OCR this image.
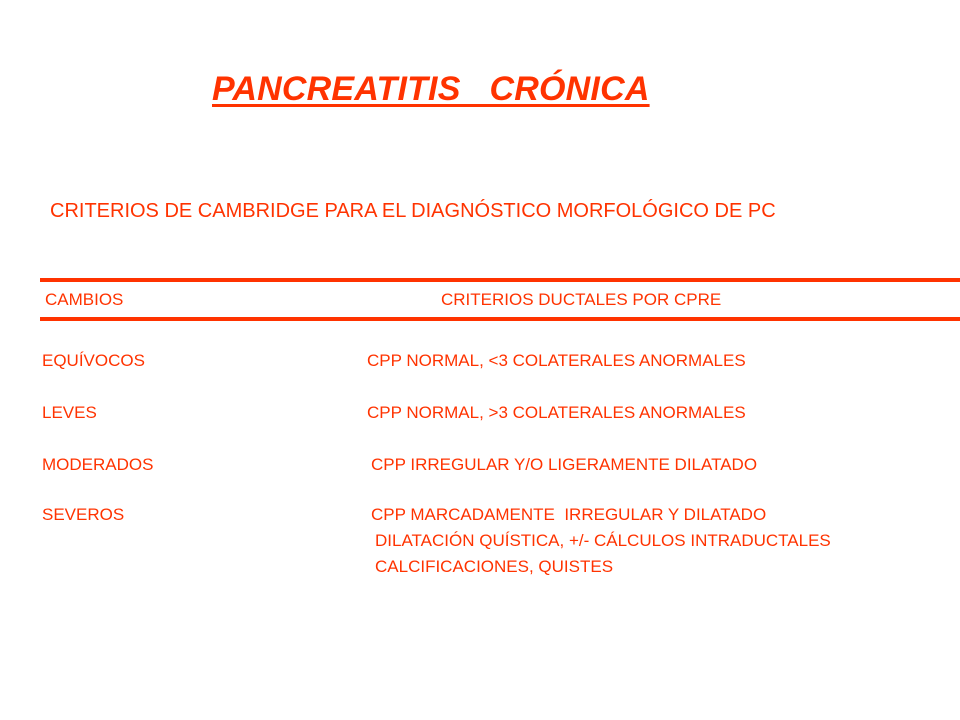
PANCREATITIS   CRÓNICA
CRITERIOS DE CAMBRIDGE PARA EL DIAGNÓSTICO MORFOLÓGICO DE PC
CAMBIOS	CRITERIOS DUCTALES POR CPRE
EQUÍVOCOS	CPP NORMAL, <3 COLATERALES ANORMALES
LEVES	CPP NORMAL, >3 COLATERALES ANORMALES
MODERADOS	CPP IRREGULAR Y/O LIGERAMENTE DILATADO
SEVEROS	CPP MARCADAMENTE  IRREGULAR Y DILATADO
DILATACIÓN QUÍSTICA, +/- CÁLCULOS INTRADUCTALES
CALCIFICACIONES, QUISTES
